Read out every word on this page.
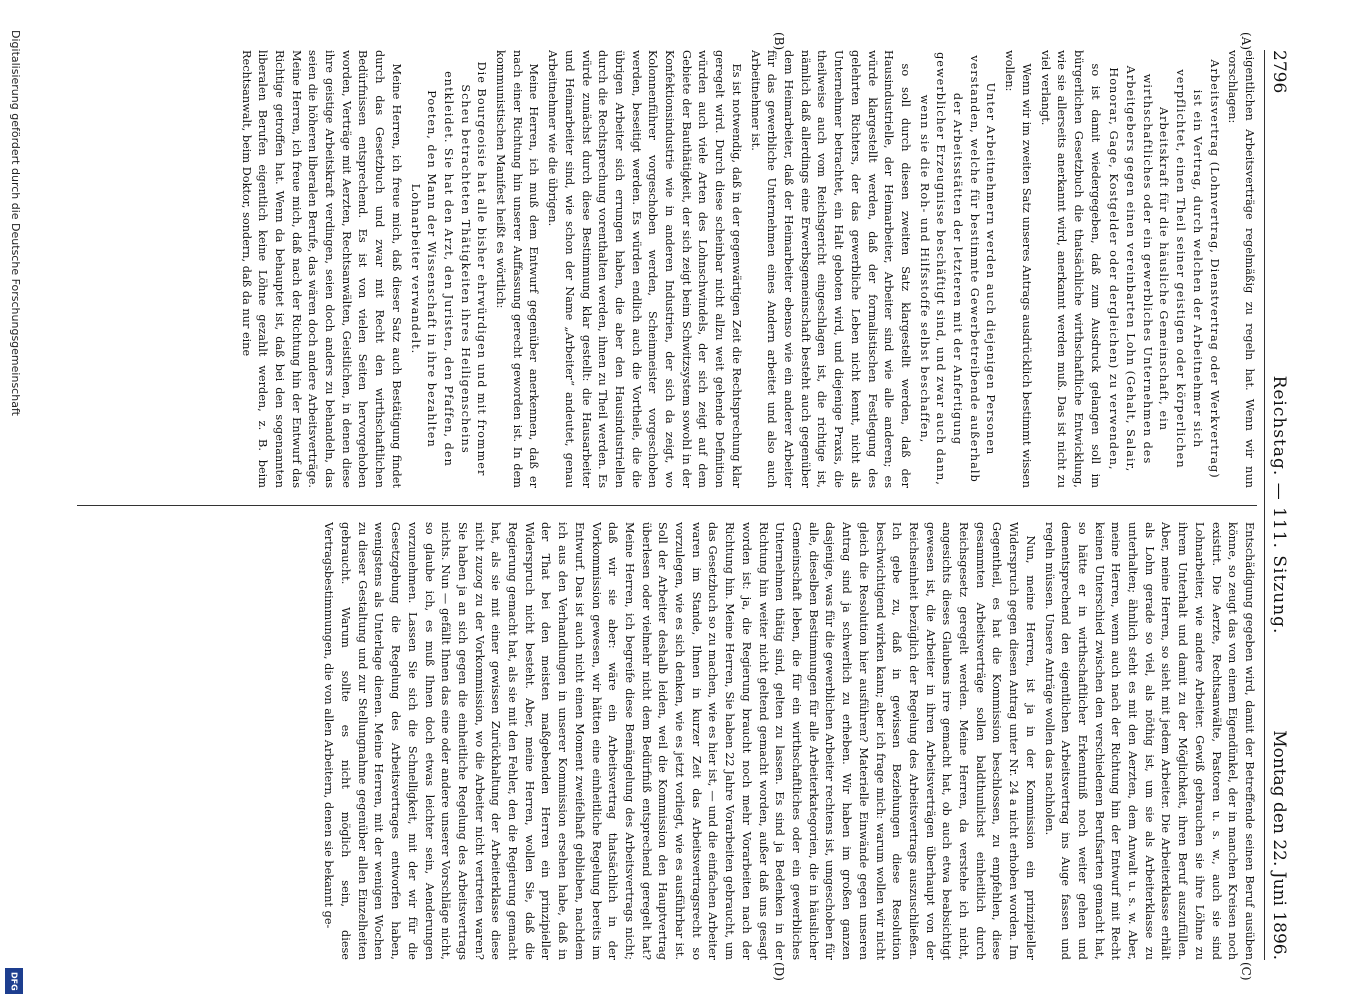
Reichstag. — 111. Sitzung.
2796
Montag den 22. Juni 1896.
(A)
(B)
(C)
(D)

eigentlichen Arbeitsverträge regelmäßig zu regeln hat. Wenn wir nun vorschlagen:

Arbeitsvertrag (Lohnvertrag, Dienstvertrag oder Werkvertrag) ist ein Vertrag, durch welchen der Arbeitnehmer sich verpflichtet, einen Theil seiner geistigen oder körperlichen Arbeitskraft für die häusliche Gemeinschaft, ein wirthschaftliches oder ein gewerbliches Unternehmen des Arbeitgebers gegen einen vereinbarten Lohn (Gehalt, Salair, Honorar, Gage, Kostgelder oder dergleichen) zu verwenden,

so ist damit wiedergegeben, daß zum Ausdruck gelangen soll im bürgerlichen Gesetzbuch die thatsächliche wirthschaftliche Entwicklung, wie sie allerseits anerkannt wird, anerkannt werden muß. Das ist nicht zu viel verlangt.

Wenn wir im zweiten Satz unseres Antrags ausdrücklich bestimmt wissen wollen:

Unter Arbeitnehmern werden auch diejenigen Personen verstanden, welche für bestimmte Gewerbetreibende außerhalb der Arbeitsstätten der letzteren mit der Anfertigung gewerblicher Erzeugnisse beschäftigt sind, und zwar auch dann, wenn sie die Roh- und Hilfsstoffe selbst beschaffen,

so soll durch diesen zweiten Satz klargestellt werden, daß der Hausindustrielle, der Heimarbeiter, Arbeiter sind wie alle anderen; es würde klargestellt werden, daß der formalistischen Festlegung des gelehrten Richters, der das gewerbliche Leben nicht kennt, nicht als Unternehmer betrachtet, ein Halt geboten wird, und diejenige Praxis, die theilweise auch vom Reichsgericht eingeschlagen ist, die richtige ist, nämlich daß allerdings eine Erwerbsgemeinschaft besteht auch gegenüber dem Heimarbeiter, daß der Heimarbeiter ebenso wie ein anderer Arbeiter für das gewerbliche Unternehmen eines Andern arbeitet und also auch Arbeitnehmer ist.

Es ist notwendig, daß in der gegenwärtigen Zeit die Rechtsprechung klar geregelt wird. Durch diese scheinbar nicht allzu weit gehende Definition würden auch viele Arten des Lohnschwindels, der sich zeigt auf dem Gebiete der Bauthätigkeit, der sich zeigt beim Schwitzsystem sowohl in der Konfektionsindustrie wie in anderen Industrien, der sich da zeigt, wo Kolonnenführer vorgeschoben werden, Scheinmeister vorgeschoben werden, beseitigt werden. Es würden endlich auch die Vortheile, die die übrigen Arbeiter sich errungen haben, die aber den Hausindustriellen durch die Rechtsprechung vorenthalten werden, ihnen zu Theil werden. Es würde zunächst durch diese Bestimmung klar gestellt: die Hausarbeiter und Heimarbeiter sind, wie schon der Name „Arbeiter“ andeutet, genau Arbeitnehmer wie die übrigen.

Meine Herren, ich muß dem Entwurf gegenüber anerkennen, daß er nach einer Richtung hin unserer Auffassung gerecht geworden ist. In dem kommunistischen Manifest heißt es wörtlich:

Die Bourgeoisie hat alle bisher ehrwürdigen und mit frommer Scheu betrachteten Thätigkeiten ihres Heiligenscheins entkleidet. Sie hat den Arzt, den Juristen, den Pfaffen, den Poeten, den Mann der Wissenschaft in ihre bezahlten Lohnarbeiter verwandelt.

Meine Herren, ich freue mich, daß dieser Satz auch Bestätigung findet durch das Gesetzbuch und zwar mit Recht den wirthschaftlichen Bedürfnissen entsprechend. Es ist von vielen Seiten hervorgehoben worden, Verträge mit Aerzten, Rechtsanwälten, Geistlichen, in denen diese ihre geistige Arbeitskraft verdingen, seien doch anders zu behandeln, das seien die höheren liberalen Berufe, das wären doch andere Arbeitsverträge. Meine Herren, ich freue mich, daß nach der Richtung hin der Entwurf das Richtige getroffen hat. Wenn da behauptet ist, daß bei den sogenannten liberalen Berufen eigentlich keine Löhne gezahlt werden, z. B. beim Rechtsanwalt, beim Doktor, sondern, daß da nur eine

Entschädigung gegeben wird, damit der Betreffende seinen Beruf ausüben könne, so zeugt das von einem Eigendünkel, der in manchen Kreisen noch existirt. Die Aerzte, Rechtsanwälte, Pastoren u. s. w., auch sie sind Lohnarbeiter, wie andere Arbeiter. Gewiß gebrauchen sie ihre Löhne zu ihrem Unterhalt und damit zu der Möglichkeit, ihren Beruf auszufüllen. Aber, meine Herren, so sieht mit jedem Arbeiter. Die Arbeiterklasse erhält als Lohn gerade so viel, als nöthig ist, um sie als Arbeiterklasse zu unterhalten; ähnlich steht es mit den Aerzten, dem Anwalt u. s. w. Aber, meine Herren, wenn auch nach der Richtung hin der Entwurf mit Recht keinen Unterschied zwischen den verschiedenen Berufsarten gemacht hat, so hätte er in wirthschaftlicher Erkenntniß noch weiter gehen und dementsprechend den eigentlichen Arbeitsvertrag ins Auge fassen und regeln müssen. Unsere Anträge wollen das nachholen.

Nun, meine Herren, ist ja in der Kommission ein prinzipieller Widerspruch gegen diesen Antrag unter Nr. 24 a nicht erhoben worden. Im Gegentheil, es hat die Kommission beschlossen, zu empfehlen, diese gesammten Arbeitsverträge sollen baldthunlichst einheitlich durch Reichsgesetz geregelt werden. Meine Herren, da verstehe ich nicht, angesichts dieses Glaubens irre gemacht hat, ob auch etwa beabsichtigt gewesen ist, die Arbeiter in ihren Arbeitsverträgen überhaupt von der Reichseinheit bezüglich der Regelung des Arbeitsvertrags auszuschließen. Ich gebe zu, daß in gewissen Beziehungen diese Resolution beschwichtigend wirken kann; aber ich frage mich: warum wollen wir nicht gleich die Resolution hier ausführen? Materielle Einwände gegen unseren Antrag sind ja schwerlich zu erheben. Wir haben im großen ganzen dasjenige, was für die gewerblichen Arbeiter rechtens ist, umgeschoben für alle, dieselben Bestimmungen für alle Arbeiterkategorien, die in häuslicher Gemeinschaft leben, die für ein wirthschaftliches oder ein gewerbliches Unternehmen thätig sind, gelten zu lassen. Es sind ja Bedenken in der Richtung hin weiter nicht geltend gemacht worden, außer daß uns gesagt worden ist: ja, die Regierung braucht noch mehr Vorarbeiten nach der Richtung hin. Meine Herren, Sie haben 22 Jahre Vorarbeiten gebraucht, um das Gesetzbuch so zu machen, wie es hier ist, — und die einfachen Arbeiter waren im Stande, Ihnen in kurzer Zeit das Arbeitsvertragsrecht so vorzulegen, wie es sich denken, wie es jetzt vorliegt, wie es ausführbar ist. Soll der Arbeiter deshalb leiden, weil die Kommission den Hauptvertrag überlesen oder vielmehr nicht dem Bedürfniß entsprechend geregelt hat? Meine Herren, ich begreife diese Bemängelung des Arbeitsvertrags nicht; daß wir sie aber: wäre ein Arbeitsvertrag thatsächlich in der Vorkommission gewesen, wir hätten eine einheitliche Regelung bereits im Entwurf. Das ist auch nicht einen Moment zweifelhaft geblieben, nachdem ich aus den Verhandlungen in unserer Kommission ersehen habe, daß in der That bei den meisten maßgebenden Herren ein prinzipieller Widerspruch nicht besteht. Aber, meine Herren, wollen Sie, daß die Regierung gemacht hat, als sie mit den Fehler, den die Regierung gemacht hat, als sie mit einer gewissen Zurückhaltung der Arbeiterklasse diese nicht zuzog zu der Vorkommission, wo die Arbeiter nicht vertreten waren? Sie haben ja an sich gegen die einheitliche Regelung des Arbeitsvertrags nichts. Nun — gefällt Ihnen das eine oder andere unserer Vorschläge nicht, so glaube ich, es muß Ihnen doch etwas leichter sein, Aenderungen vorzunehmen. Lassen Sie sich die Schnelligkeit, mit der wir für die Gesetzgebung die Regelung des Arbeitsvertrages entworfen haben, wenigstens als Unterlage dienen. Meine Herren, mit der wenigen Wochen zu dieser Gestaltung und zur Stellungnahme gegenüber allen Einzelheiten gebraucht. Warum sollte es nicht möglich sein, diese Vertragsbestimmungen, die von allen Arbeitern, denen sie bekannt ge-

Digitalisierung gefördert durch die Deutsche Forschungsgemeinschaft
DFG
